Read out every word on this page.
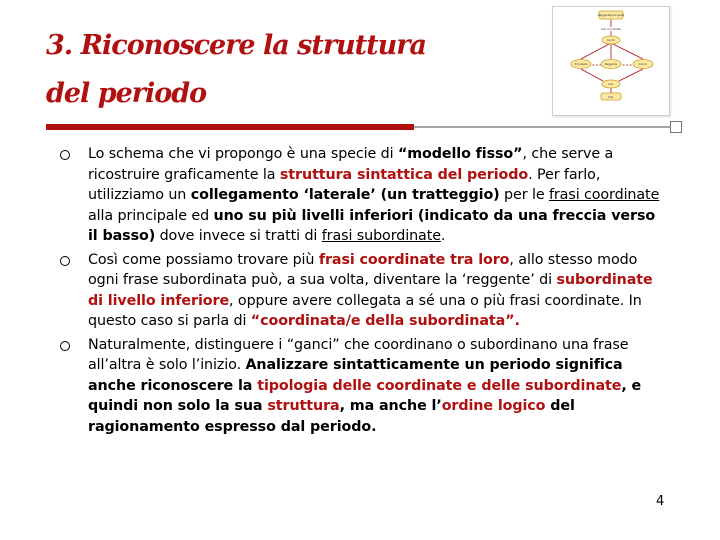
3. Riconoscere la struttura
del periodo
Reggente/principale
sub. coordinate
Coord.
Principale	Reggente	Coord.
Sub.
Sub.

Lo schema che vi propongo è una specie di “modello fisso”, che serve a ricostruire graficamente la struttura sintattica del periodo. Per farlo, utilizziamo un collegamento ‘laterale’ (un tratteggio) per le frasi coordinate alla principale ed uno su più livelli inferiori (indicato da una freccia verso il basso) dove invece si tratti di frasi subordinate.

Così come possiamo trovare più frasi coordinate tra loro, allo stesso modo ogni frase subordinata può, a sua volta, diventare la ‘reggente’ di subordinate di livello inferiore, oppure avere collegata a sé una o più frasi coordinate. In questo caso si parla di “coordinata/e della subordinata”.

Naturalmente, distinguere i “ganci” che coordinano o subordinano una frase all’altra è solo l’inizio. Analizzare sintatticamente un periodo significa anche riconoscere la tipologia delle coordinate e delle subordinate, e quindi non solo la sua struttura, ma anche l’ordine logico del ragionamento espresso dal periodo.

4
